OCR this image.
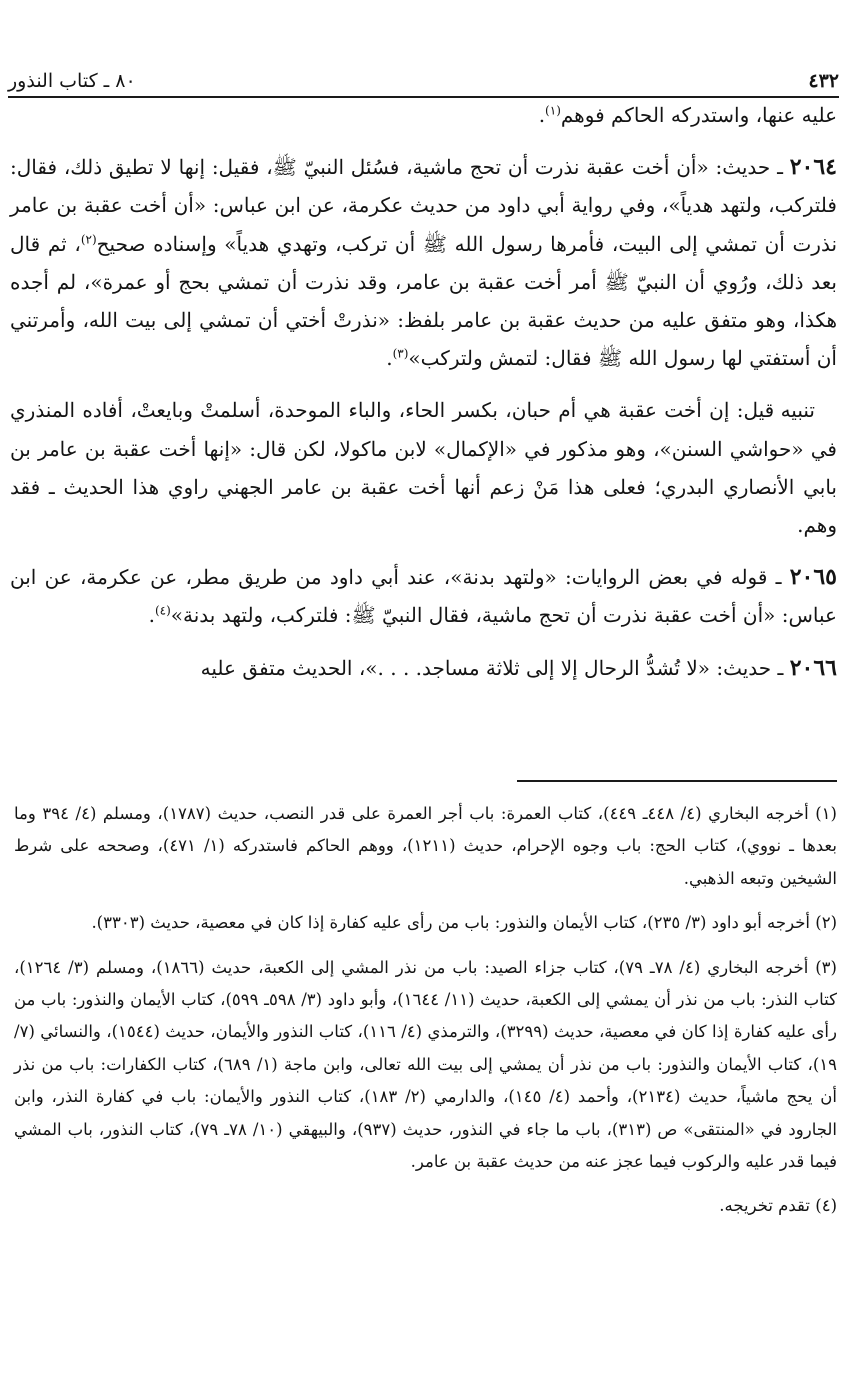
٤٣٢
٨٠ ـ كتاب النذور

عليه عنها، واستدركه الحاكم فوهم$^{(١)}$.

٢٠٦٤ ـ حديث: «أن أخت عقبة نذرت أن تحج ماشية، فسُئل النبيّ ﷺ، فقيل: إنها لا تطيق ذلك، فقال: فلتركب، ولتهد هدياً»، وفي رواية أبي داود من حديث عكرمة، عن ابن عباس: «أن أخت عقبة بن عامر نذرت أن تمشي إلى البيت، فأمرها رسول الله ﷺ أن تركب، وتهدي هدياً» وإسناده صحيح$^{(٢)}$، ثم قال بعد ذلك، ورُوي أن النبيّ ﷺ أمر أخت عقبة بن عامر، وقد نذرت أن تمشي بحج أو عمرة»، لم أجده هكذا، وهو متفق عليه من حديث عقبة بن عامر بلفظ: «نذرتْ أختي أن تمشي إلى بيت الله، وأمرتني أن أستفتي لها رسول الله ﷺ فقال: لتمش ولتركب»$^{(٣)}$.

تنبيه قيل: إن أخت عقبة هي أم حبان، بكسر الحاء، والباء الموحدة، أسلمتْ وبايعتْ، أفاده المنذري في «حواشي السنن»، وهو مذكور في «الإكمال» لابن ماكولا، لكن قال: «إنها أخت عقبة بن عامر بن بابي الأنصاري البدري؛ فعلى هذا مَنْ زعم أنها أخت عقبة بن عامر الجهني راوي هذا الحديث ـ فقد وهم.

٢٠٦٥ ـ قوله في بعض الروايات: «ولتهد بدنة»، عند أبي داود من طريق مطر، عن عكرمة، عن ابن عباس: «أن أخت عقبة نذرت أن تحج ماشية، فقال النبيّ ﷺ: فلتركب، ولتهد بدنة»$^{(٤)}$.

٢٠٦٦ ـ حديث: «لا تُشدُّ الرحال إلا إلى ثلاثة مساجد. . . .»، الحديث متفق عليه

(١) أخرجه البخاري (٤/ ٤٤٨ـ ٤٤٩)، كتاب العمرة: باب أجر العمرة على قدر النصب، حديث (١٧٨٧)، ومسلم (٤/ ٣٩٤ وما بعدها ـ نووي)، كتاب الحج: باب وجوه الإحرام، حديث (١٢١١)، ووهم الحاكم فاستدركه (١/ ٤٧١)، وصححه على شرط الشيخين وتبعه الذهبي.

(٢) أخرجه أبو داود (٣/ ٢٣٥)، كتاب الأيمان والنذور: باب من رأى عليه كفارة إذا كان في معصية، حديث (٣٣٠٣).

(٣) أخرجه البخاري (٤/ ٧٨ـ ٧٩)، كتاب جزاء الصيد: باب من نذر المشي إلى الكعبة، حديث (١٨٦٦)، ومسلم (٣/ ١٢٦٤)، كتاب النذر: باب من نذر أن يمشي إلى الكعبة، حديث (١١/ ١٦٤٤)، وأبو داود (٣/ ٥٩٨ـ ٥٩٩)، كتاب الأيمان والنذور: باب من رأى عليه كفارة إذا كان في معصية، حديث (٣٢٩٩)، والترمذي (٤/ ١١٦)، كتاب النذور والأيمان، حديث (١٥٤٤)، والنسائي (٧/ ١٩)، كتاب الأيمان والنذور: باب من نذر أن يمشي إلى بيت الله تعالى، وابن ماجة (١/ ٦٨٩)، كتاب الكفارات: باب من نذر أن يحج ماشياً، حديث (٢١٣٤)، وأحمد (٤/ ١٤٥)، والدارمي (٢/ ١٨٣)، كتاب النذور والأيمان: باب في كفارة النذر، وابن الجارود في «المنتقى» ص (٣١٣)، باب ما جاء في النذور، حديث (٩٣٧)، والبيهقي (١٠/ ٧٨ـ ٧٩)، كتاب النذور، باب المشي فيما قدر عليه والركوب فيما عجز عنه من حديث عقبة بن عامر.

(٤) تقدم تخريجه.
